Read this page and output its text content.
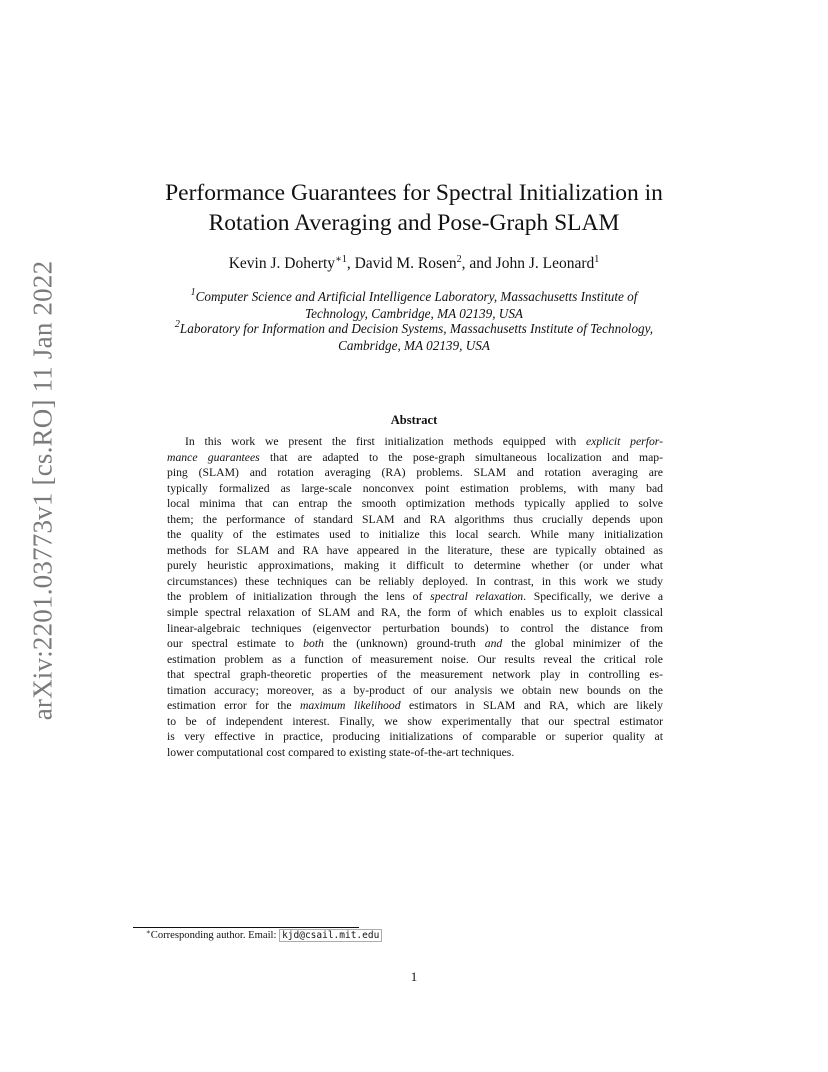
arXiv:2201.03773v1 [cs.RO] 11 Jan 2022
Performance Guarantees for Spectral Initialization in
Rotation Averaging and Pose-Graph SLAM
Kevin J. Doherty$^{∗1}$, David M. Rosen$^2$, and John J. Leonard$^1$
$^1$Computer Science and Artificial Intelligence Laboratory, Massachusetts Institute of
Technology, Cambridge, MA 02139, USA
$^2$Laboratory for Information and Decision Systems, Massachusetts Institute of Technology,
Cambridge, MA 02139, USA
Abstract
In this work we present the first initialization methods equipped with explicit perfor-
mance guarantees that are adapted to the pose-graph simultaneous localization and map-
ping (SLAM) and rotation averaging (RA) problems. SLAM and rotation averaging are
typically formalized as large-scale nonconvex point estimation problems, with many bad
local minima that can entrap the smooth optimization methods typically applied to solve
them; the performance of standard SLAM and RA algorithms thus crucially depends upon
the quality of the estimates used to initialize this local search. While many initialization
methods for SLAM and RA have appeared in the literature, these are typically obtained as
purely heuristic approximations, making it difficult to determine whether (or under what
circumstances) these techniques can be reliably deployed. In contrast, in this work we study
the problem of initialization through the lens of spectral relaxation. Specifically, we derive a
simple spectral relaxation of SLAM and RA, the form of which enables us to exploit classical
linear-algebraic techniques (eigenvector perturbation bounds) to control the distance from
our spectral estimate to both the (unknown) ground-truth and the global minimizer of the
estimation problem as a function of measurement noise. Our results reveal the critical role
that spectral graph-theoretic properties of the measurement network play in controlling es-
timation accuracy; moreover, as a by-product of our analysis we obtain new bounds on the
estimation error for the maximum likelihood estimators in SLAM and RA, which are likely
to be of independent interest. Finally, we show experimentally that our spectral estimator
is very effective in practice, producing initializations of comparable or superior quality at
lower computational cost compared to existing state-of-the-art techniques.
∗Corresponding author. Email: kjd@csail.mit.edu
1
